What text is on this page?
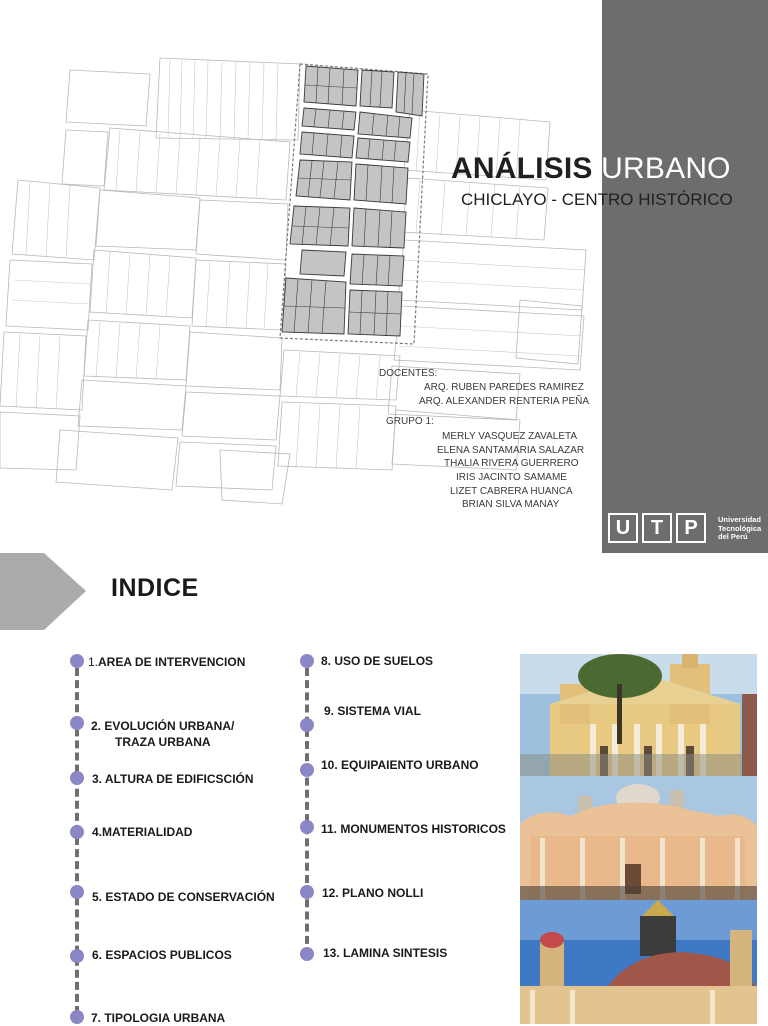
ANÁLISIS URBANO
CHICLAYO - CENTRO HISTÓRICO
DOCENTES:
ARQ. RUBEN PAREDES RAMIREZ
ARQ. ALEXANDER RENTERIA PEÑA
GRUPO 1:
MERLY VASQUEZ ZAVALETA
ELENA SANTAMARIA SALAZAR
THALIA RIVERA GUERRERO
IRIS JACINTO SAMAME
LIZET CABRERA HUANCA
BRIAN SILVA MANAY
U	T	P	Universidad
Tecnológica
del Perú
INDICE
1.AREA DE INTERVENCION
2. EVOLUCIÓN URBANA/
TRAZA URBANA
3. ALTURA DE EDIFICSCIÓN
4.MATERIALIDAD
5. ESTADO DE CONSERVACIÓN
6. ESPACIOS PUBLICOS
7. TIPOLOGIA URBANA
8. USO DE SUELOS
9. SISTEMA VIAL
10. EQUIPAIENTO URBANO
11. MONUMENTOS HISTORICOS
12. PLANO NOLLI
13. LAMINA SINTESIS
